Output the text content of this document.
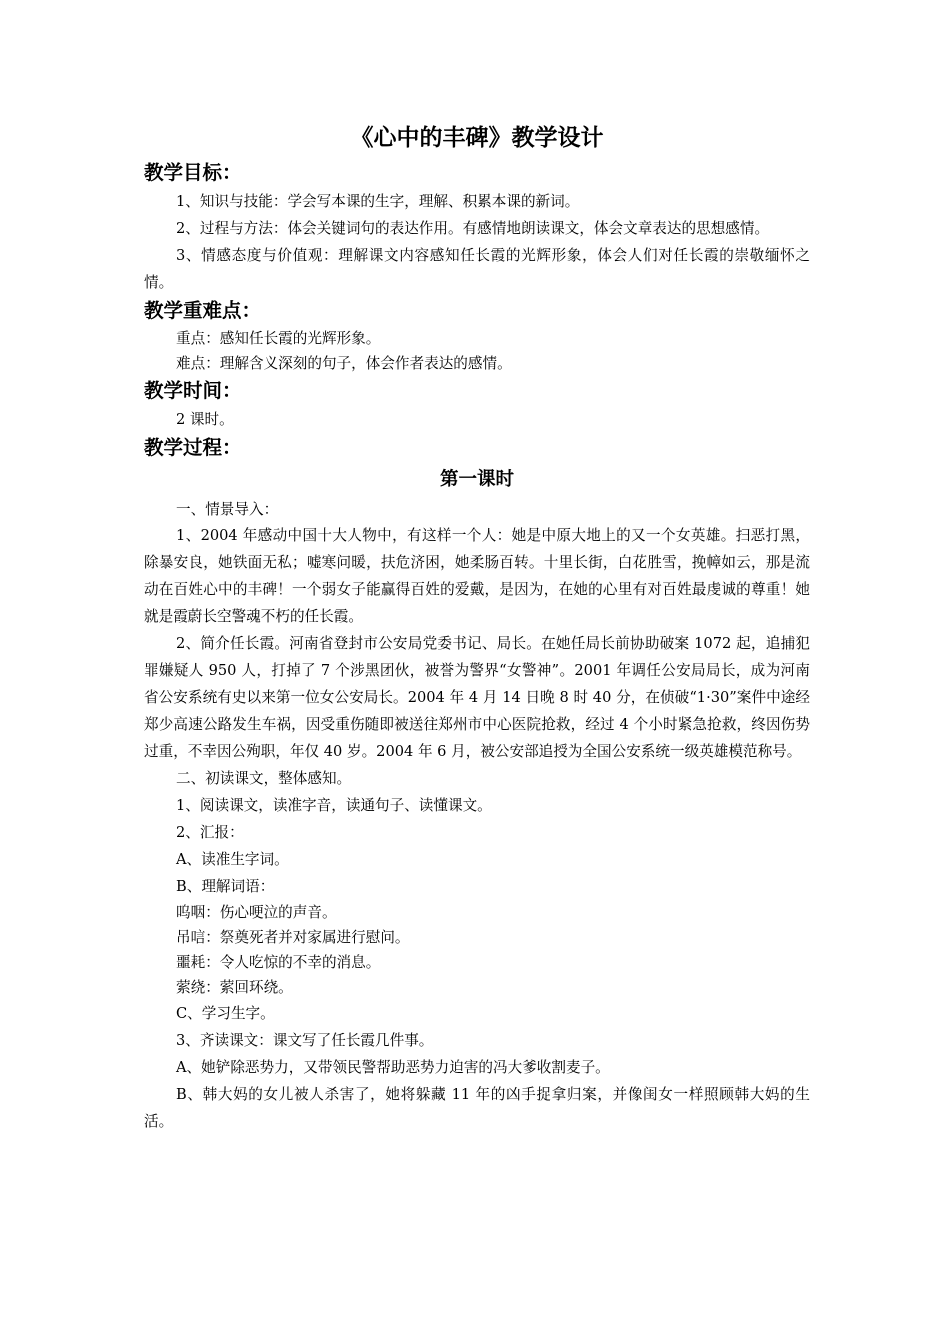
《心中的丰碑》教学设计
教学目标：

1、知识与技能：学会写本课的生字，理解、积累本课的新词。

2、过程与方法：体会关键词句的表达作用。有感情地朗读课文，体会文章表达的思想感情。

3、情感态度与价值观：理解课文内容感知任长霞的光辉形象，体会人们对任长霞的崇敬缅怀之情。

教学重难点：

重点：感知任长霞的光辉形象。

难点：理解含义深刻的句子，体会作者表达的感情。

教学时间：

2 课时。

教学过程：
第一课时

一、情景导入：

1、2004 年感动中国十大人物中，有这样一个人：她是中原大地上的又一个女英雄。扫恶打黑，除暴安良，她铁面无私；嘘寒问暖，扶危济困，她柔肠百转。十里长街，白花胜雪，挽幛如云，那是流动在百姓心中的丰碑！一个弱女子能赢得百姓的爱戴，是因为，在她的心里有对百姓最虔诚的尊重！她就是霞蔚长空警魂不朽的任长霞。

2、简介任长霞。河南省登封市公安局党委书记、局长。在她任局长前协助破案 1072 起，追捕犯罪嫌疑人 950 人，打掉了 7 个涉黑团伙，被誉为警界“女警神”。2001 年调任公安局局长，成为河南省公安系统有史以来第一位女公安局长。2004 年 4 月 14 日晚 8 时 40 分，在侦破“1·30”案件中途经郑少高速公路发生车祸，因受重伤随即被送往郑州市中心医院抢救，经过 4 个小时紧急抢救，终因伤势过重，不幸因公殉职，年仅 40 岁。2004 年 6 月，被公安部追授为全国公安系统一级英雄模范称号。

二、初读课文，整体感知。

1、阅读课文，读准字音，读通句子、读懂课文。

2、汇报：

A、读准生字词。

B、理解词语：

呜咽：伤心哽泣的声音。

吊唁：祭奠死者并对家属进行慰问。

噩耗：令人吃惊的不幸的消息。

萦绕：萦回环绕。

C、学习生字。

3、齐读课文：课文写了任长霞几件事。

A、她铲除恶势力，又带领民警帮助恶势力迫害的冯大爹收割麦子。

B、韩大妈的女儿被人杀害了，她将躲藏 11 年的凶手捉拿归案，并像闺女一样照顾韩大妈的生活。
